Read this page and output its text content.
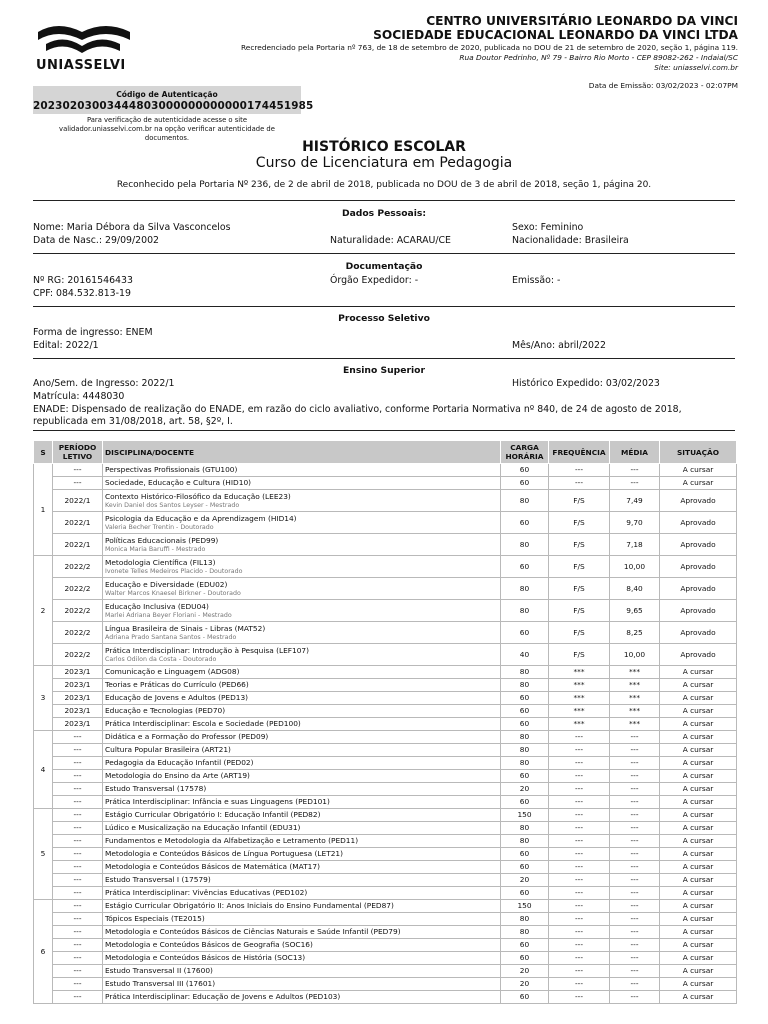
UNIASSELVI
CENTRO UNIVERSITÁRIO LEONARDO DA VINCI
SOCIEDADE EDUCACIONAL LEONARDO DA VINCI LTDA
Recredenciado pela Portaria nº 763, de 18 de setembro de 2020, publicada no DOU de 21 de setembro de 2020, seção 1, página 119.
Rua Doutor Pedrinho, Nº 79 - Bairro Rio Morto - CEP 89082-262 - Indaial/SC
Site: uniasselvi.com.br
Data de Emissão: 03/02/2023 - 02:07PM
Código de Autenticação
20230203003444803000000000000174451985
Para verificação de autenticidade acesse o site validador.uniasselvi.com.br na opção verificar autenticidade de documentos.
HISTÓRICO ESCOLAR
Curso de Licenciatura em Pedagogia
Reconhecido pela Portaria Nº 236, de 2 de abril de 2018, publicada no DOU de 3 de abril de 2018, seção 1, página 20.
Dados Pessoais:
Nome: Maria Débora da Silva Vasconcelos	Sexo: Feminino
Data de Nasc.: 29/09/2002	Naturalidade: ACARAU/CE	Nacionalidade: Brasileira
Documentação
Nº RG: 20161546433	Órgão Expedidor: -	Emissão: -
CPF: 084.532.813-19
Processo Seletivo
Forma de ingresso: ENEM
Edital: 2022/1	Mês/Ano: abril/2022
Ensino Superior
Ano/Sem. de Ingresso: 2022/1	Histórico Expedido: 03/02/2023
Matrícula: 4448030
ENADE: Dispensado de realização do ENADE, em razão do ciclo avaliativo, conforme Portaria Normativa nº 840, de 24 de agosto de 2018, republicada em 31/08/2018, art. 58, §2º, I.
S	PERÍODO LETIVO	DISCIPLINA/DOCENTE	CARGA HORÁRIA	FREQUÊNCIA	MÉDIA	SITUAÇÃO
1	---	Perspectivas Profissionais (GTU100)	60	---	---	A cursar
	---	Sociedade, Educação e Cultura (HID10)	60	---	---	A cursar
	2022/1	Contexto Histórico-Filosófico da Educação (LEE23)
Kevin Daniel dos Santos Leyser - Mestrado	80	F/S	7,49	Aprovado
	2022/1	Psicologia da Educação e da Aprendizagem (HID14)
Valeria Becher Trentin - Doutorado	60	F/S	9,70	Aprovado
	2022/1	Políticas Educacionais (PED99)
Monica Maria Baruffi - Mestrado	80	F/S	7,18	Aprovado
2	2022/2	Metodologia Científica (FIL13)
Ivonete Telles Medeiros Placido - Doutorado	60	F/S	10,00	Aprovado
	2022/2	Educação e Diversidade (EDU02)
Walter Marcos Knaesel Birkner - Doutorado	80	F/S	8,40	Aprovado
	2022/2	Educação Inclusiva (EDU04)
Marlei Adriana Beyer Floriani - Mestrado	80	F/S	9,65	Aprovado
	2022/2	Língua Brasileira de Sinais - Libras (MAT52)
Adriana Prado Santana Santos - Mestrado	60	F/S	8,25	Aprovado
	2022/2	Prática Interdisciplinar: Introdução à Pesquisa (LEF107)
Carlos Odilon da Costa - Doutorado	40	F/S	10,00	Aprovado
3	2023/1	Comunicação e Linguagem (ADG08)	80	***	***	A cursar
	2023/1	Teorias e Práticas do Currículo (PED66)	80	***	***	A cursar
	2023/1	Educação de Jovens e Adultos (PED13)	60	***	***	A cursar
	2023/1	Educação e Tecnologias (PED70)	60	***	***	A cursar
	2023/1	Prática Interdisciplinar: Escola e Sociedade (PED100)	60	***	***	A cursar
4	---	Didática e a Formação do Professor (PED09)	80	---	---	A cursar
	---	Cultura Popular Brasileira (ART21)	80	---	---	A cursar
	---	Pedagogia da Educação Infantil (PED02)	80	---	---	A cursar
	---	Metodologia do Ensino da Arte (ART19)	60	---	---	A cursar
	---	Estudo Transversal (17578)	20	---	---	A cursar
	---	Prática Interdisciplinar: Infância e suas Linguagens (PED101)	60	---	---	A cursar
5	---	Estágio Curricular Obrigatório I: Educação Infantil (PED82)	150	---	---	A cursar
	---	Lúdico e Musicalização na Educação Infantil (EDU31)	80	---	---	A cursar
	---	Fundamentos e Metodologia da Alfabetização e Letramento (PED11)	80	---	---	A cursar
	---	Metodologia e Conteúdos Básicos de Língua Portuguesa (LET21)	60	---	---	A cursar
	---	Metodologia e Conteúdos Básicos de Matemática (MAT17)	60	---	---	A cursar
	---	Estudo Transversal I (17579)	20	---	---	A cursar
	---	Prática Interdisciplinar: Vivências Educativas (PED102)	60	---	---	A cursar
6	---	Estágio Curricular Obrigatório II: Anos Iniciais do Ensino Fundamental (PED87)	150	---	---	A cursar
	---	Tópicos Especiais (TE2015)	80	---	---	A cursar
	---	Metodologia e Conteúdos Básicos de Ciências Naturais e Saúde Infantil (PED79)	80	---	---	A cursar
	---	Metodologia e Conteúdos Básicos de Geografia (SOC16)	60	---	---	A cursar
	---	Metodologia e Conteúdos Básicos de História (SOC13)	60	---	---	A cursar
	---	Estudo Transversal II (17600)	20	---	---	A cursar
	---	Estudo Transversal III (17601)	20	---	---	A cursar
	---	Prática Interdisciplinar: Educação de Jovens e Adultos (PED103)	60	---	---	A cursar
